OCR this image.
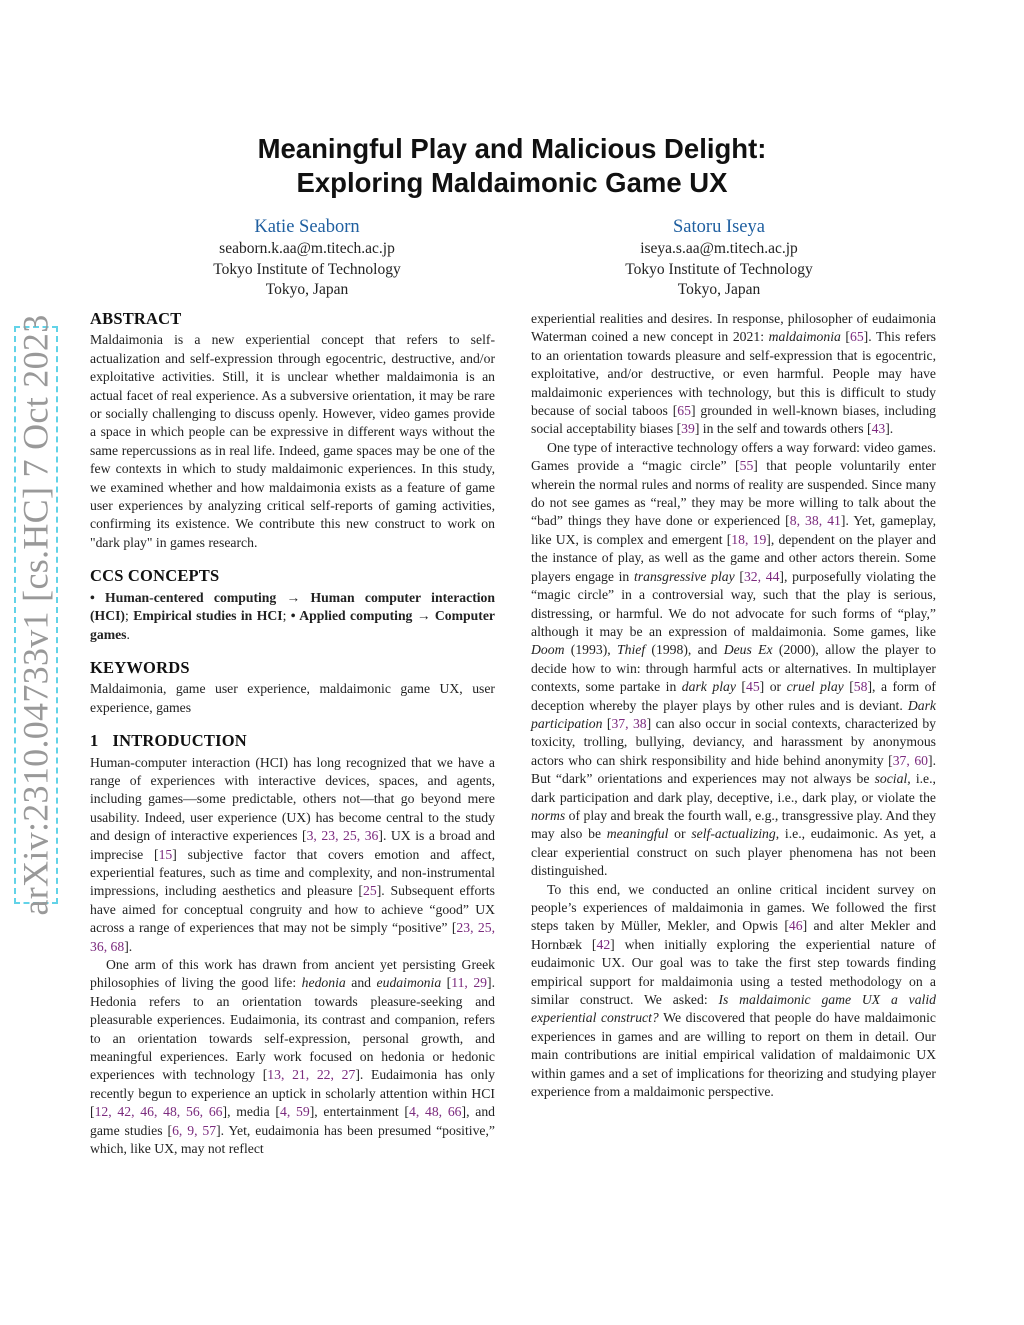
arXiv:2310.04733v1 [cs.HC] 7 Oct 2023
Meaningful Play and Malicious Delight:
Exploring Maldaimonic Game UX
Katie Seaborn
seaborn.k.aa@m.titech.ac.jp
Tokyo Institute of Technology
Tokyo, Japan
Satoru Iseya
iseya.s.aa@m.titech.ac.jp
Tokyo Institute of Technology
Tokyo, Japan
ABSTRACT

Maldaimonia is a new experiential concept that refers to self-actualization and self-expression through egocentric, destructive, and/or exploitative activities. Still, it is unclear whether maldaimonia is an actual facet of real experience. As a subversive orientation, it may be rare or socially challenging to discuss openly. However, video games provide a space in which people can be expressive in different ways without the same repercussions as in real life. Indeed, game spaces may be one of the few contexts in which to study maldaimonic experiences. In this study, we examined whether and how maldaimonia exists as a feature of game user experiences by analyzing critical self-reports of gaming activities, confirming its existence. We contribute this new construct to work on "dark play" in games research.

CCS CONCEPTS

• Human-centered computing → Human computer interaction (HCI); Empirical studies in HCI; • Applied computing → Computer games.

KEYWORDS

Maldaimonia, game user experience, maldaimonic game UX, user experience, games

1 INTRODUCTION

Human-computer interaction (HCI) has long recognized that we have a range of experiences with interactive devices, spaces, and agents, including games—some predictable, others not—that go beyond mere usability. Indeed, user experience (UX) has become central to the study and design of interactive experiences [3, 23, 25, 36]. UX is a broad and imprecise [15] subjective factor that covers emotion and affect, experiential features, such as time and complexity, and non-instrumental impressions, including aesthetics and pleasure [25]. Subsequent efforts have aimed for conceptual congruity and how to achieve “good” UX across a range of experiences that may not be simply “positive” [23, 25, 36, 68].

One arm of this work has drawn from ancient yet persisting Greek philosophies of living the good life: hedonia and eudaimonia [11, 29]. Hedonia refers to an orientation towards pleasure-seeking and pleasurable experiences. Eudaimonia, its contrast and companion, refers to an orientation towards self-expression, personal growth, and meaningful experiences. Early work focused on hedonia or hedonic experiences with technology [13, 21, 22, 27]. Eudaimonia has only recently begun to experience an uptick in scholarly attention within HCI [12, 42, 46, 48, 56, 66], media [4, 59], entertainment [4, 48, 66], and game studies [6, 9, 57]. Yet, eudaimonia has been presumed “positive,” which, like UX, may not reflect

experiential realities and desires. In response, philosopher of eudaimonia Waterman coined a new concept in 2021: maldaimonia [65]. This refers to an orientation towards pleasure and self-expression that is egocentric, exploitative, and/or destructive, or even harmful. People may have maldaimonic experiences with technology, but this is difficult to study because of social taboos [65] grounded in well-known biases, including social acceptability biases [39] in the self and towards others [43].

One type of interactive technology offers a way forward: video games. Games provide a “magic circle” [55] that people voluntarily enter wherein the normal rules and norms of reality are suspended. Since many do not see games as “real,” they may be more willing to talk about the “bad” things they have done or experienced [8, 38, 41]. Yet, gameplay, like UX, is complex and emergent [18, 19], dependent on the player and the instance of play, as well as the game and other actors therein. Some players engage in transgressive play [32, 44], purposefully violating the “magic circle” in a controversial way, such that the play is serious, distressing, or harmful. We do not advocate for such forms of “play,” although it may be an expression of maldaimonia. Some games, like Doom (1993), Thief (1998), and Deus Ex (2000), allow the player to decide how to win: through harmful acts or alternatives. In multiplayer contexts, some partake in dark play [45] or cruel play [58], a form of deception whereby the player plays by other rules and is deviant. Dark participation [37, 38] can also occur in social contexts, characterized by toxicity, trolling, bullying, deviancy, and harassment by anonymous actors who can shirk responsibility and hide behind anonymity [37, 60]. But “dark” orientations and experiences may not always be social, i.e., dark participation and dark play, deceptive, i.e., dark play, or violate the norms of play and break the fourth wall, e.g., transgressive play. And they may also be meaningful or self-actualizing, i.e., eudaimonic. As yet, a clear experiential construct on such player phenomena has not been distinguished.

To this end, we conducted an online critical incident survey on people’s experiences of maldaimonia in games. We followed the first steps taken by Müller, Mekler, and Opwis [46] and alter Mekler and Hornbæk [42] when initially exploring the experiential nature of eudaimonic UX. Our goal was to take the first step towards finding empirical support for maldaimonia using a tested methodology on a similar construct. We asked: Is maldaimonic game UX a valid experiential construct? We discovered that people do have maldaimonic experiences in games and are willing to report on them in detail. Our main contributions are initial empirical validation of maldaimonic UX within games and a set of implications for theorizing and studying player experience from a maldaimonic perspective.
